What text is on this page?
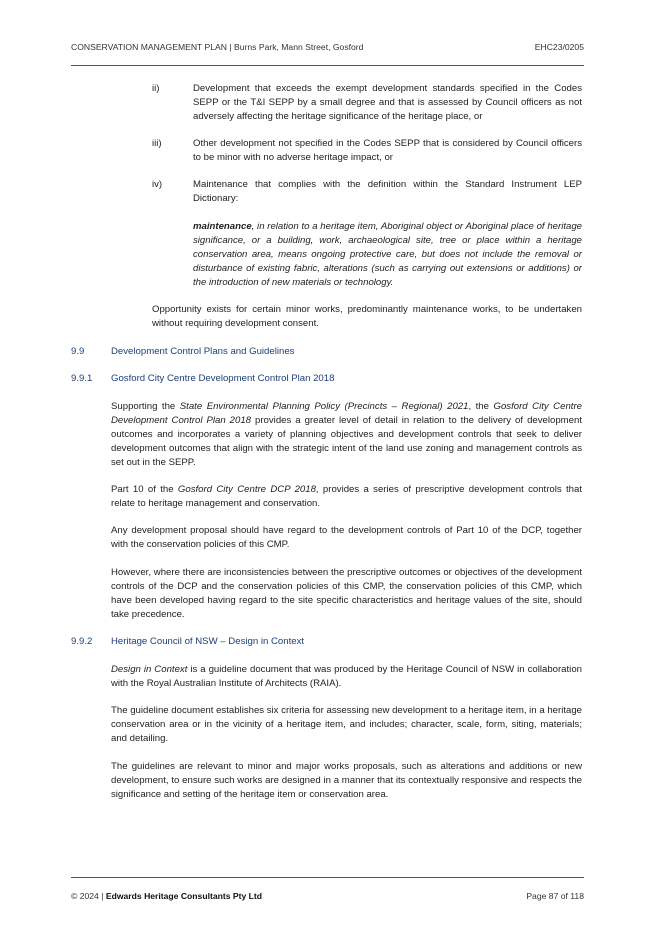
CONSERVATION MANAGEMENT PLAN | Burns Park, Mann Street, Gosford	EHC23/0205
ii)	Development that exceeds the exempt development standards specified in the Codes SEPP or the T&I SEPP by a small degree and that is assessed by Council officers as not adversely affecting the heritage significance of the heritage place, or

iii)	Other development not specified in the Codes SEPP that is considered by Council officers to be minor with no adverse heritage impact, or

iv)	Maintenance that complies with the definition within the Standard Instrument LEP Dictionary:

maintenance, in relation to a heritage item, Aboriginal object or Aboriginal place of heritage significance, or a building, work, archaeological site, tree or place within a heritage conservation area, means ongoing protective care, but does not include the removal or disturbance of existing fabric, alterations (such as carrying out extensions or additions) or the introduction of new materials or technology.

Opportunity exists for certain minor works, predominantly maintenance works, to be undertaken without requiring development consent.

9.9	Development Control Plans and Guidelines
9.9.1 Gosford City Centre Development Control Plan 2018

Supporting the State Environmental Planning Policy (Precincts – Regional) 2021, the Gosford City Centre Development Control Plan 2018 provides a greater level of detail in relation to the delivery of development outcomes and incorporates a variety of planning objectives and development controls that seek to deliver development outcomes that align with the strategic intent of the land use zoning and management controls as set out in the SEPP.

Part 10 of the Gosford City Centre DCP 2018, provides a series of prescriptive development controls that relate to heritage management and conservation.

Any development proposal should have regard to the development controls of Part 10 of the DCP, together with the conservation policies of this CMP.

However, where there are inconsistencies between the prescriptive outcomes or objectives of the development controls of the DCP and the conservation policies of this CMP, the conservation policies of this CMP, which have been developed having regard to the site specific characteristics and heritage values of the site, should take precedence.

9.9.2 Heritage Council of NSW – Design in Context

Design in Context is a guideline document that was produced by the Heritage Council of NSW in collaboration with the Royal Australian Institute of Architects (RAIA).

The guideline document establishes six criteria for assessing new development to a heritage item, in a heritage conservation area or in the vicinity of a heritage item, and includes; character, scale, form, siting, materials; and detailing.

The guidelines are relevant to minor and major works proposals, such as alterations and additions or new development, to ensure such works are designed in a manner that its contextually responsive and respects the significance and setting of the heritage item or conservation area.

© 2024 | Edwards Heritage Consultants Pty Ltd	Page 87 of 118
